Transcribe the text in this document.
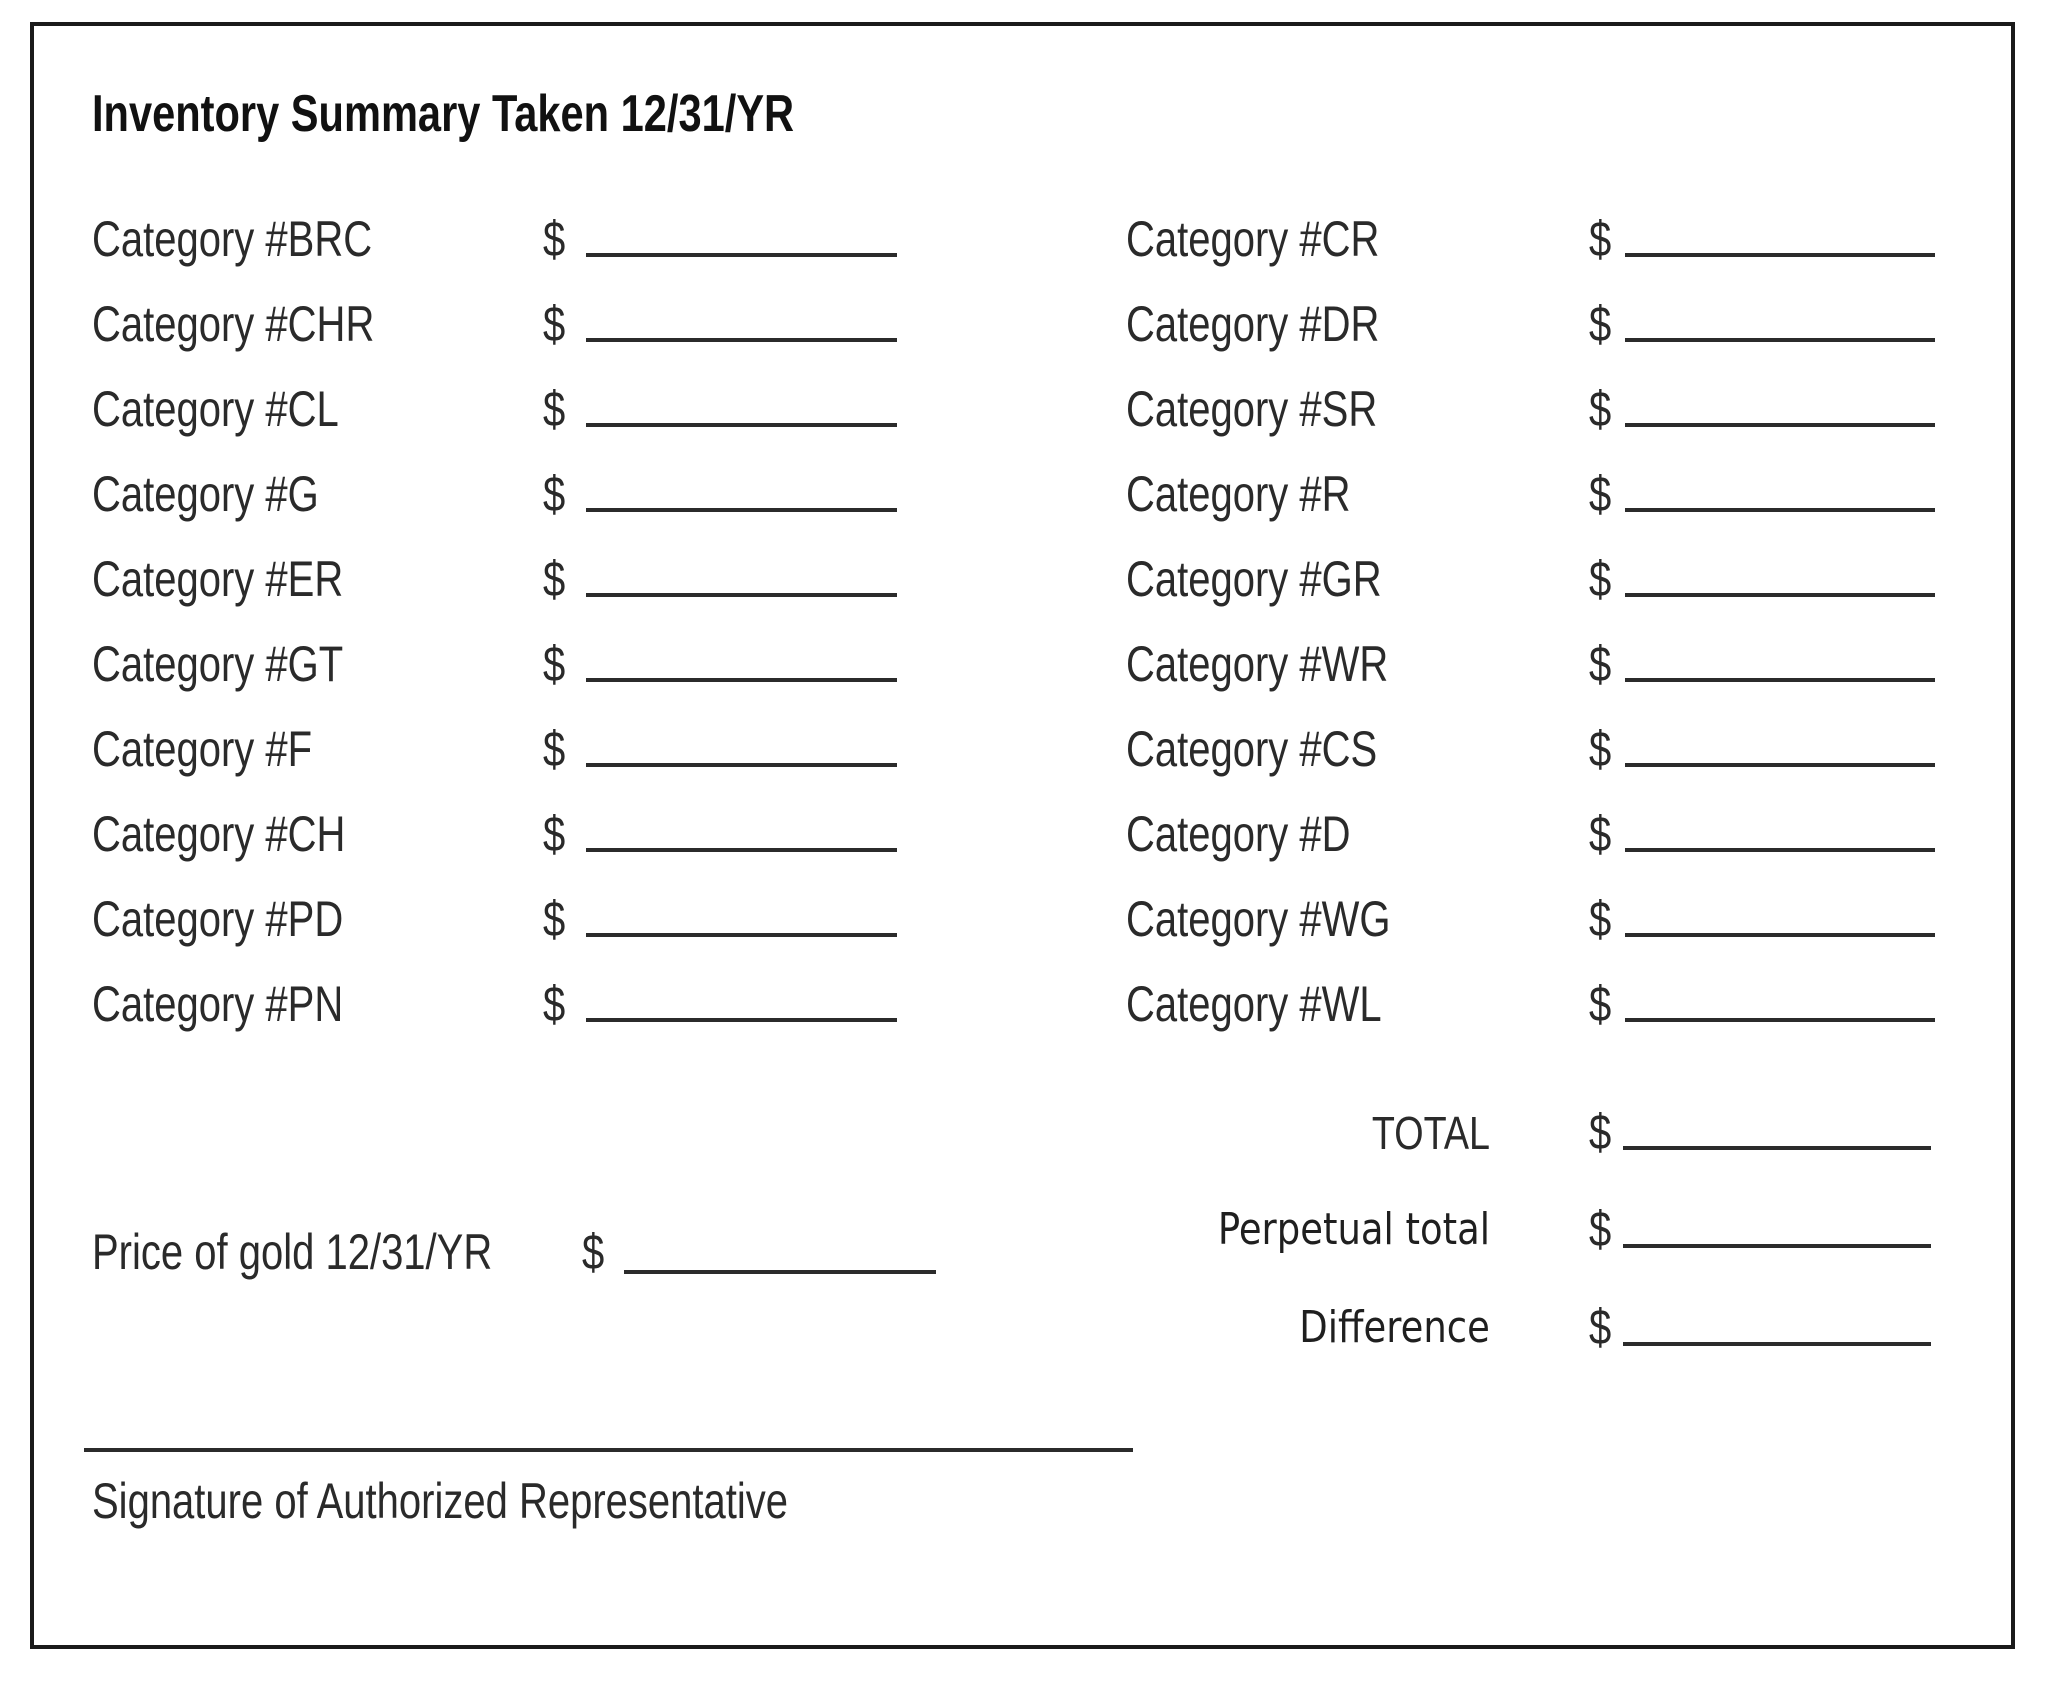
Inventory Summary Taken 12/31/YR
Category #BRC	$
Category #CHR	$
Category #CL	$
Category #G	$
Category #ER	$
Category #GT	$
Category #F	$
Category #CH	$
Category #PD	$
Category #PN	$
Category #CR	$
Category #DR	$
Category #SR	$
Category #R	$
Category #GR	$
Category #WR	$
Category #CS	$
Category #D	$
Category #WG	$
Category #WL	$
TOTAL $
Perpetual total $
Difference $
Price of gold 12/31/YR $
Signature of Authorized Representative
